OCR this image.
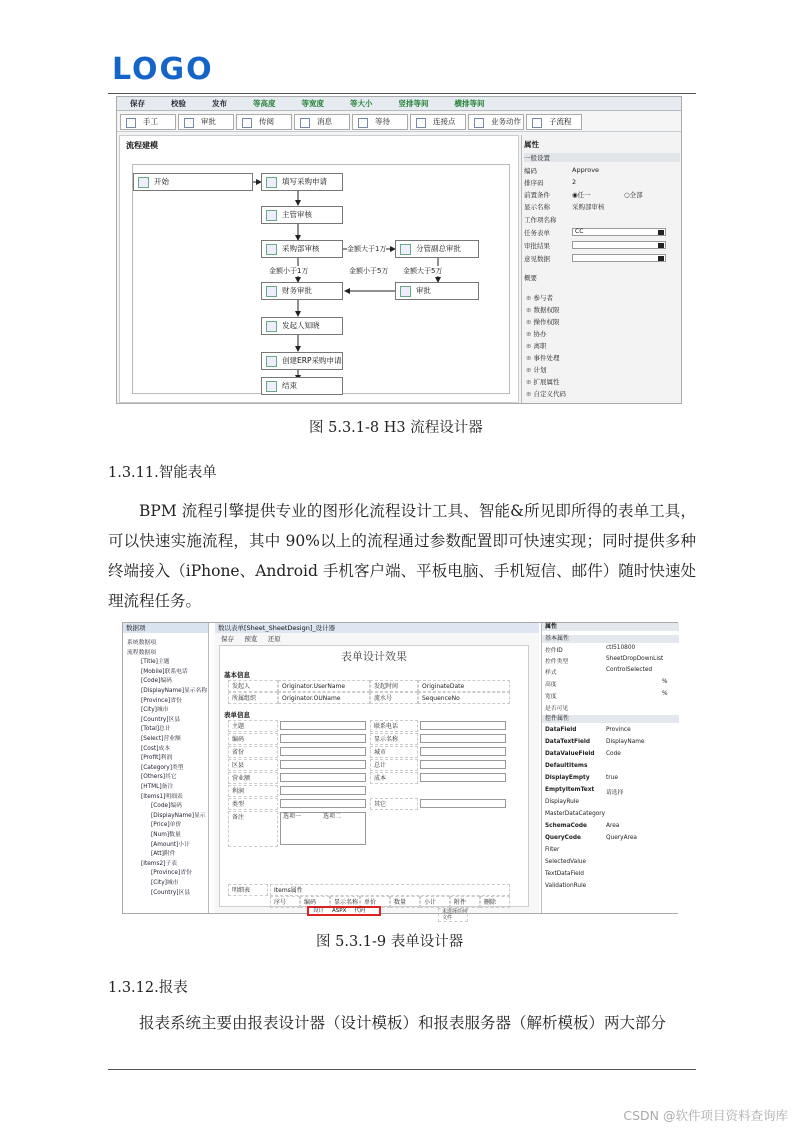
LOGO
保存	校验	发布	等高度	等宽度	等大小	竖排等间	横排等间
手工	审批	传阅	消息	等待	连接点	业务动作	子流程
流程建模
开始	填写采购申请
主管审核
采购部审核	分管副总审批
财务审批	审批
发起人知晓
创建ERP采购申请
结束
金额大于1万
金额小于1万	金额小于5万 金额大于5万
属性
一般设置
编码	Approve
排序码	2
前置条件	◉任一	○全部
显示名称	采购部审核
工作项名称
任务表单	CC
审批结果
意见数据
概要
⊕ 参与者
⊕ 数据权限
⊕ 操作权限
⊕ 协办
⊕ 离职
⊕ 事件处理
⊕ 计划
⊕ 扩展属性
⊕ 自定义代码
图 5.3.1-8 H3 流程设计器
1.3.11.智能表单
BPM 流程引擎提供专业的图形化流程设计工具、智能&所见即所得的表单工具，可以快速实施流程，其中 90%以上的流程通过参数配置即可快速实现；同时提供多种终端接入（iPhone、Android 手机客户端、平板电脑、手机短信、邮件）随时快速处理流程任务。
数据项
系统数据项
流程数据项
[Title]主题
[Mobile]联系电话
[Code]编码
[DisplayName]显示名称
[Province]省份
[City]城市
[Country]区县
[Total]总计
[Select]营业额
[Cost]成本
[Profit]利润
[Category]类型
[Others]其它
[HTML]备注
[Items1]明细表
[Code]编码
[DisplayName]显示
[Price]单价
[Num]数量
[Amount]小计
[Att]附件
[Items2]子表
[Province]省份
[City]城市
[Country]区县
数以表单[Sheet_SheetDesign]_设计器
保存 预览 还原
表单设计效果
基本信息
发起人	Originator.UserName	发起时间	OriginateDate
所属组织	Originator.OUName	流水号	SequenceNo
表单信息
主题	联系电话
编码	显示名称
省份	城市
区县	总计
营业额	成本
利润
类型	其它
备注	选项一	选项二
明细表	Items属性
序号	编码	显示名称 单价	数量	小计	附件	删除
未选择任何文件
设计 ASPX 代码
属性
基本属性
控件ID	ctl510800
控件类型	SheetDropDownList
样式	ControlSelected
高度	%
宽度	%
是否可见
控件属性
DataField	Province
DataTextField	DisplayName
DataValueField Code
DefaultItems
DisplayEmpty	true
EmptyItemText 请选择
DisplayRule
MasterDataCategory
SchemaCode	Area
QueryCode	QueryArea
Filter
SelectedValue
TextDataField
ValidationRule
图 5.3.1-9 表单设计器
1.3.12.报表
报表系统主要由报表设计器（设计模板）和报表服务器（解析模板）两大部分
CSDN @软件项目资料查询库
